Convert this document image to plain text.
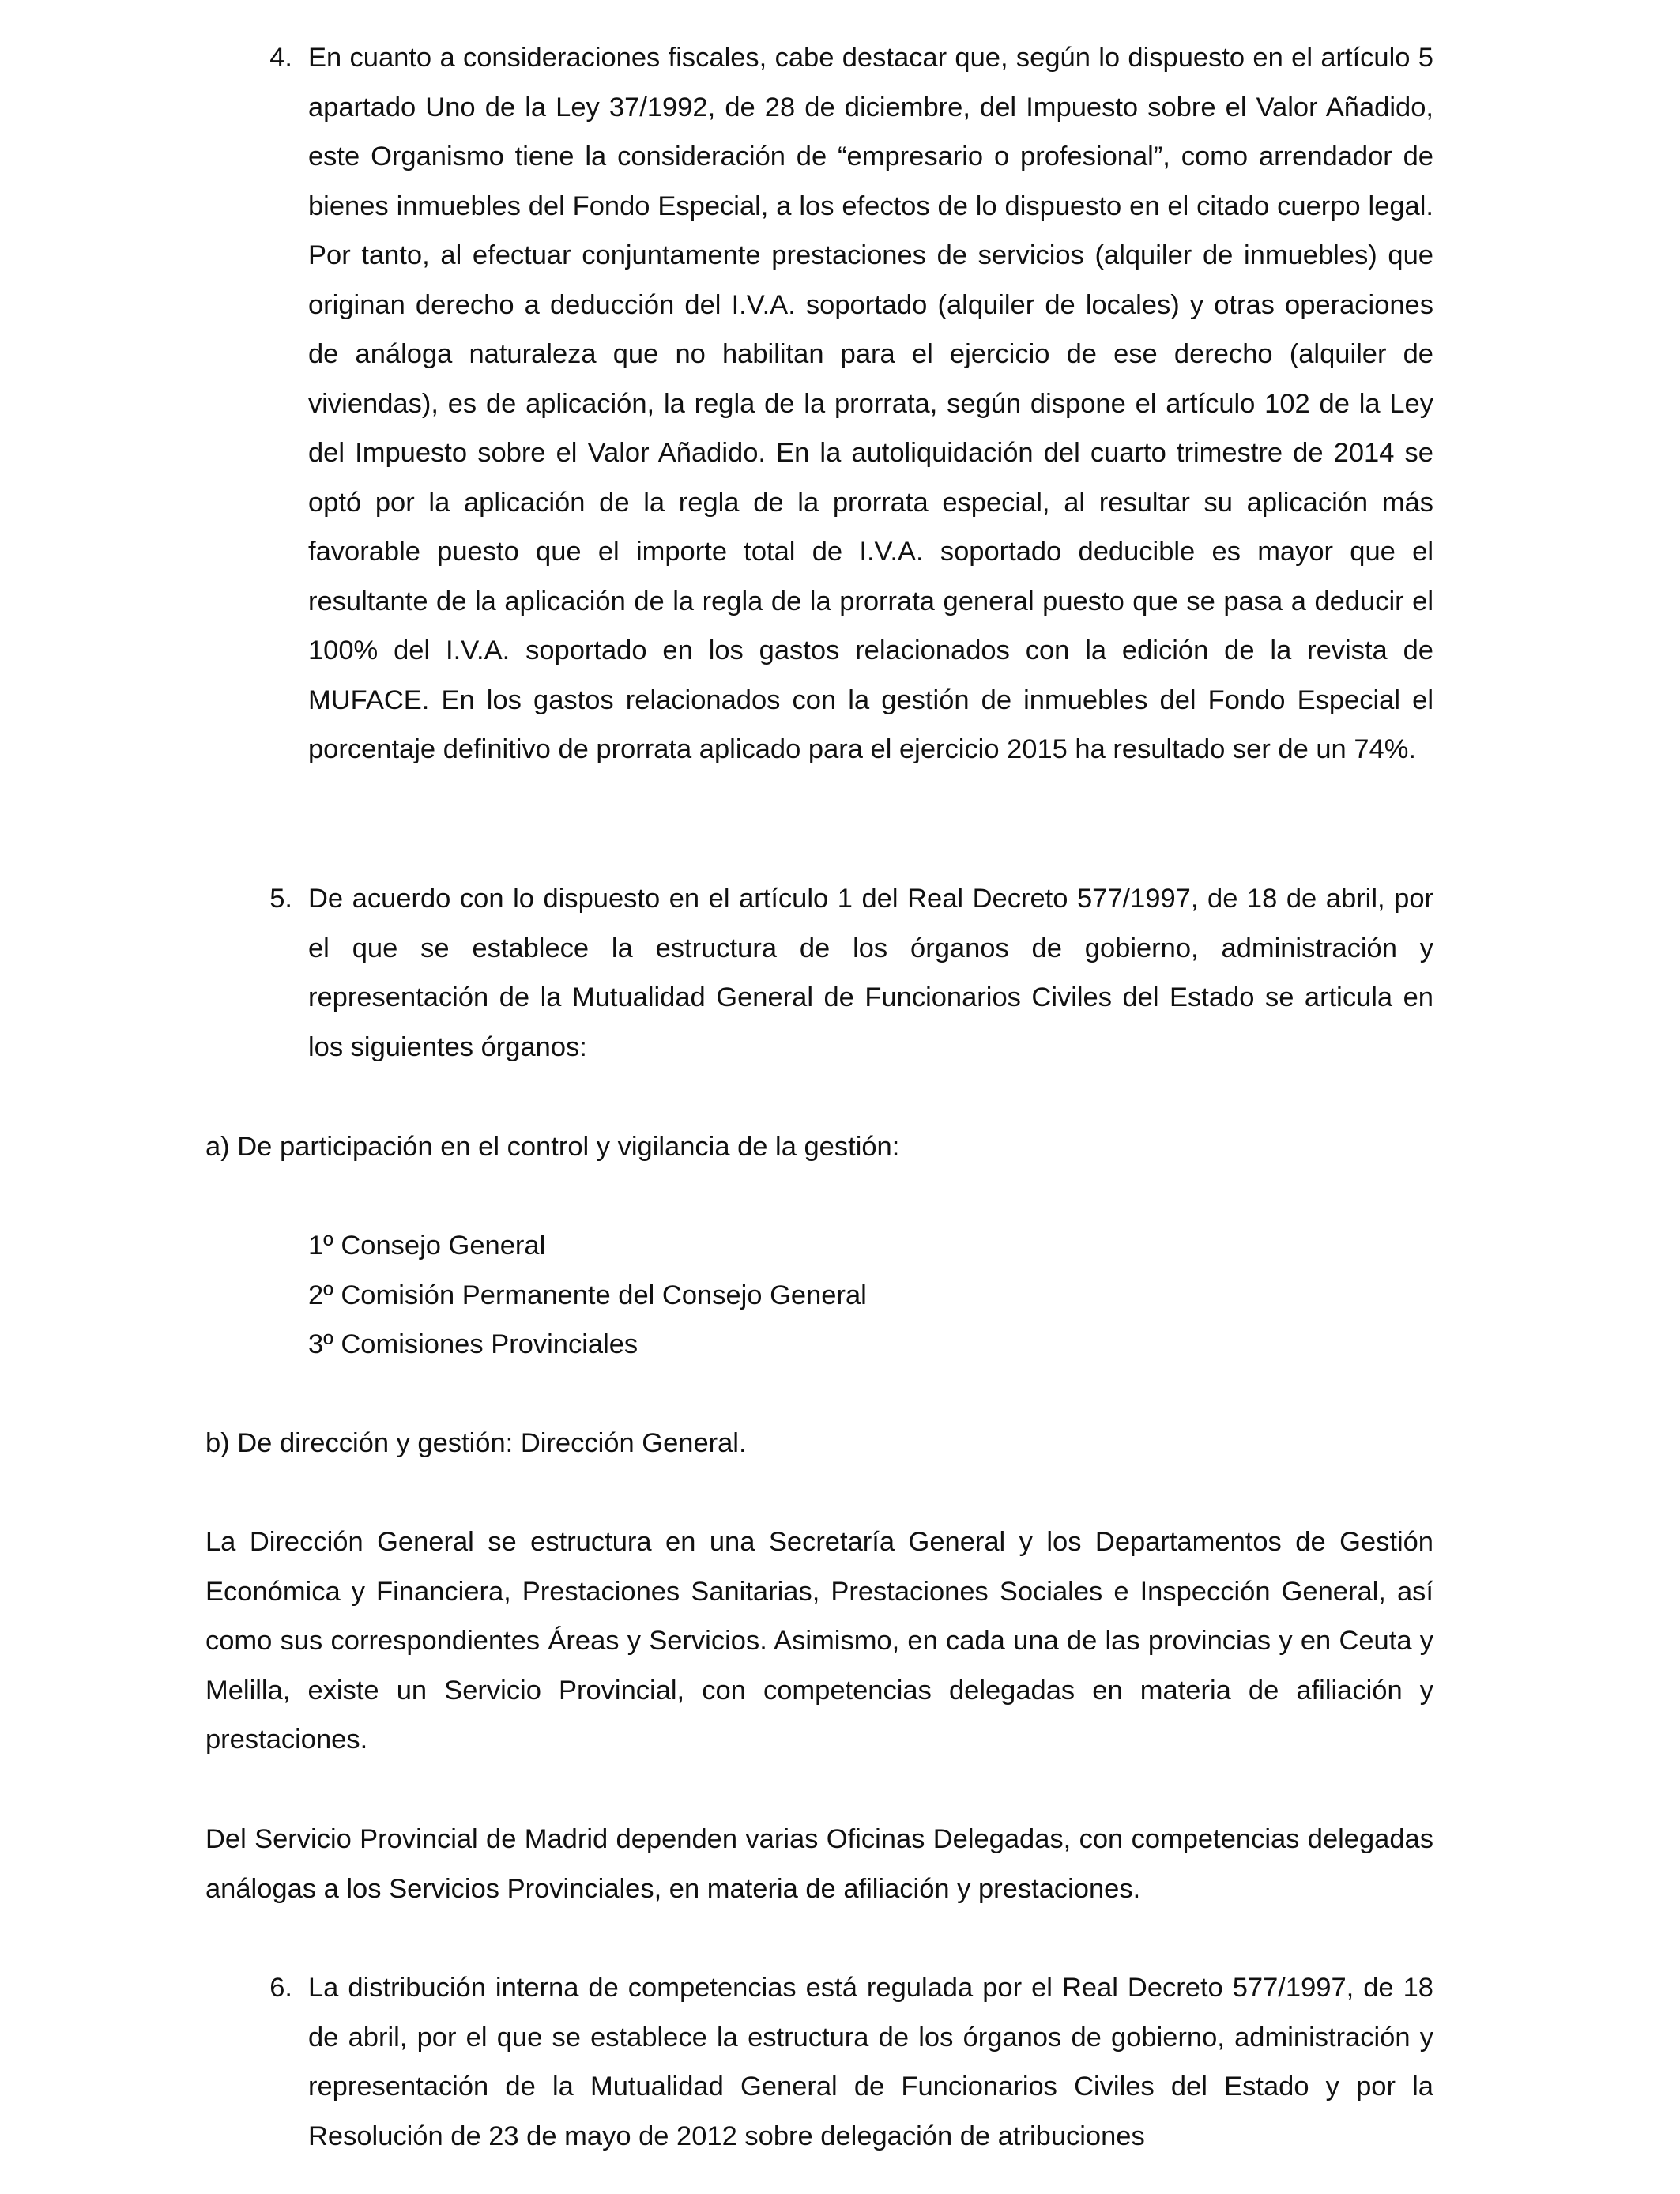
4. En cuanto a consideraciones fiscales, cabe destacar que, según lo dispuesto en el artículo 5 apartado Uno de la Ley 37/1992, de 28 de diciembre, del Impuesto sobre el Valor Añadido, este Organismo tiene la consideración de “empresario o profesional”, como arrendador de bienes inmuebles del Fondo Especial, a los efectos de lo dispuesto en el citado cuerpo legal. Por tanto, al efectuar conjuntamente prestaciones de servicios (alquiler de inmuebles) que originan derecho a deducción del I.V.A. soportado (alquiler de locales) y otras operaciones de análoga naturaleza que no habilitan para el ejercicio de ese derecho (alquiler de viviendas), es de aplicación, la regla de la prorrata, según dispone el artículo 102 de la Ley del Impuesto sobre el Valor Añadido. En la autoliquidación del cuarto trimestre de 2014 se optó por la aplicación de la regla de la prorrata especial, al resultar su aplicación más favorable puesto que el importe total de I.V.A. soportado deducible es mayor que el resultante de la aplicación de la regla de la prorrata general puesto que se pasa a deducir el 100% del I.V.A. soportado en los gastos relacionados con la edición de la revista de MUFACE. En los gastos relacionados con la gestión de inmuebles del Fondo Especial el porcentaje definitivo de prorrata aplicado para el ejercicio 2015 ha resultado ser de un 74%.
5. De acuerdo con lo dispuesto en el artículo 1 del Real Decreto 577/1997, de 18 de abril, por el que se establece la estructura de los órganos de gobierno, administración y representación de la Mutualidad General de Funcionarios Civiles del Estado se articula en los siguientes órganos:
a) De participación en el control y vigilancia de la gestión:
1º Consejo General
2º Comisión Permanente del Consejo General
3º Comisiones Provinciales
b) De dirección y gestión: Dirección General.
La Dirección General se estructura en una Secretaría General y los Departamentos de Gestión Económica y Financiera, Prestaciones Sanitarias, Prestaciones Sociales e Inspección General, así como sus correspondientes Áreas y Servicios. Asimismo, en cada una de las provincias y en Ceuta y Melilla, existe un Servicio Provincial, con competencias delegadas en materia de afiliación y prestaciones.
Del Servicio Provincial de Madrid dependen varias Oficinas Delegadas, con competencias delegadas análogas a los Servicios Provinciales, en materia de afiliación y prestaciones.
6. La distribución interna de competencias está regulada por el Real Decreto 577/1997, de 18 de abril, por el que se establece la estructura de los órganos de gobierno, administración y representación de la Mutualidad General de Funcionarios Civiles del Estado y por la Resolución de 23 de mayo de 2012 sobre delegación de atribuciones
